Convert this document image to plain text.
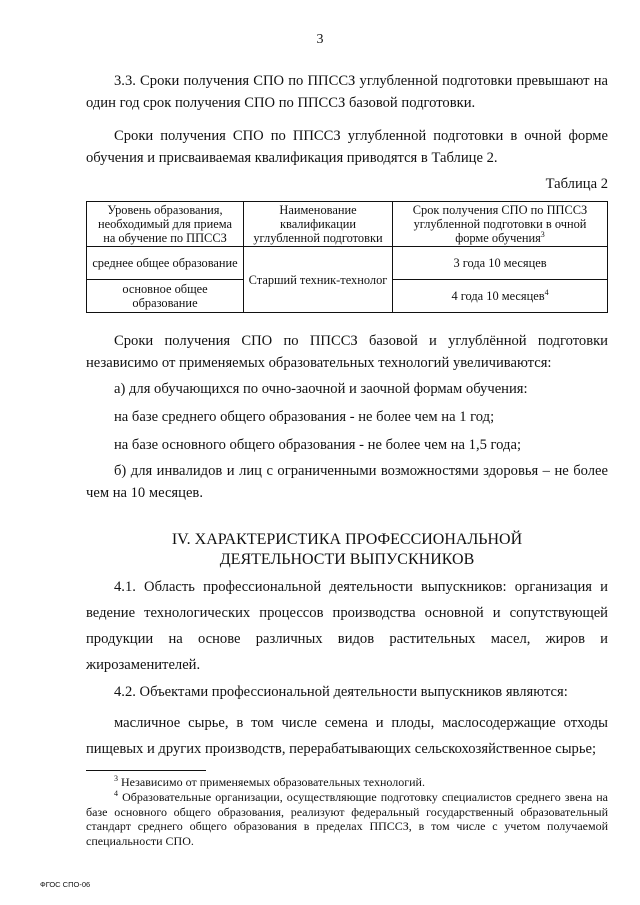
3
3.3. Сроки получения СПО по ППССЗ углубленной подготовки превышают на
один год срок получения СПО по ППССЗ базовой подготовки.
Сроки получения СПО по ППССЗ углубленной подготовки в очной форме
обучения и присваиваемая квалификация приводятся в Таблице 2.
Таблица 2
Уровень образования, необходимый для приема на обучение по ППССЗ	Наименование квалификации углубленной подготовки	Срок получения СПО по ППССЗ углубленной подготовки в очной форме обучения$^3$
среднее общее образование	Старший техник-технолог	3 года 10 месяцев
основное общее образование		4 года 10 месяцев$^4$
Сроки получения СПО по ППССЗ базовой и углублённой подготовки
независимо от применяемых образовательных технологий увеличиваются:
а) для обучающихся по очно-заочной и заочной формам обучения:
на базе среднего общего образования - не более чем на 1 год;
на базе основного общего образования - не более чем на 1,5 года;
б) для инвалидов и лиц с ограниченными возможностями здоровья – не более
чем на 10 месяцев.
IV. ХАРАКТЕРИСТИКА ПРОФЕССИОНАЛЬНОЙ
ДЕЯТЕЛЬНОСТИ ВЫПУСКНИКОВ
4.1. Область профессиональной деятельности выпускников: организация и
ведение технологических процессов производства основной и сопутствующей
продукции на основе различных видов растительных масел, жиров и
жирозаменителей.
4.2. Объектами профессиональной деятельности выпускников являются:
масличное сырье, в том числе семена и плоды, маслосодержащие отходы
пищевых и других производств, перерабатывающих сельскохозяйственное сырье;
$^3$ Независимо от применяемых образовательных технологий.
$^4$ Образовательные организации, осуществляющие подготовку специалистов среднего звена на
базе основного общего образования, реализуют федеральный государственный образовательный
стандарт среднего общего образования в пределах ППССЗ, в том числе с учетом получаемой
специальности СПО.
ФГОС СПО-06
